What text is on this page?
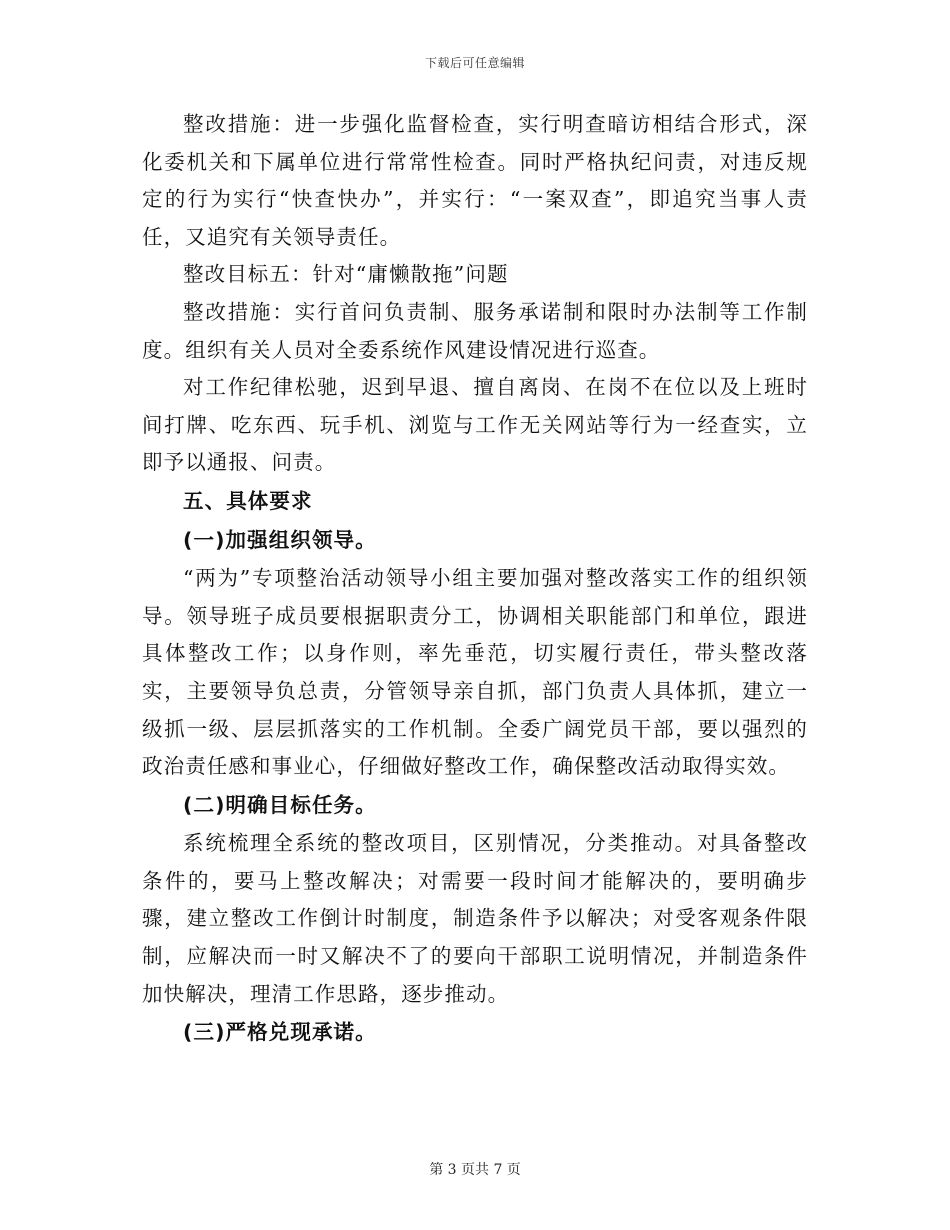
下载后可任意编辑

整改措施：进一步强化监督检查，实行明查暗访相结合形式，深化委机关和下属单位进行常常性检查。同时严格执纪问责，对违反规定的行为实行“快查快办”，并实行：“一案双查”，即追究当事人责任，又追究有关领导责任。

整改目标五：针对“庸懒散拖”问题

整改措施：实行首问负责制、服务承诺制和限时办法制等工作制度。组织有关人员对全委系统作风建设情况进行巡查。

对工作纪律松驰，迟到早退、擅自离岗、在岗不在位以及上班时间打牌、吃东西、玩手机、浏览与工作无关网站等行为一经查实，立即予以通报、问责。

五、具体要求

(一)加强组织领导。

“两为”专项整治活动领导小组主要加强对整改落实工作的组织领导。领导班子成员要根据职责分工，协调相关职能部门和单位，跟进具体整改工作；以身作则，率先垂范，切实履行责任，带头整改落实，主要领导负总责，分管领导亲自抓，部门负责人具体抓，建立一级抓一级、层层抓落实的工作机制。全委广阔党员干部，要以强烈的政治责任感和事业心，仔细做好整改工作，确保整改活动取得实效。

(二)明确目标任务。

系统梳理全系统的整改项目，区别情况，分类推动。对具备整改条件的，要马上整改解决；对需要一段时间才能解决的，要明确步骤，建立整改工作倒计时制度，制造条件予以解决；对受客观条件限制，应解决而一时又解决不了的要向干部职工说明情况，并制造条件加快解决，理清工作思路，逐步推动。

(三)严格兑现承诺。

第 3 页共 7 页
